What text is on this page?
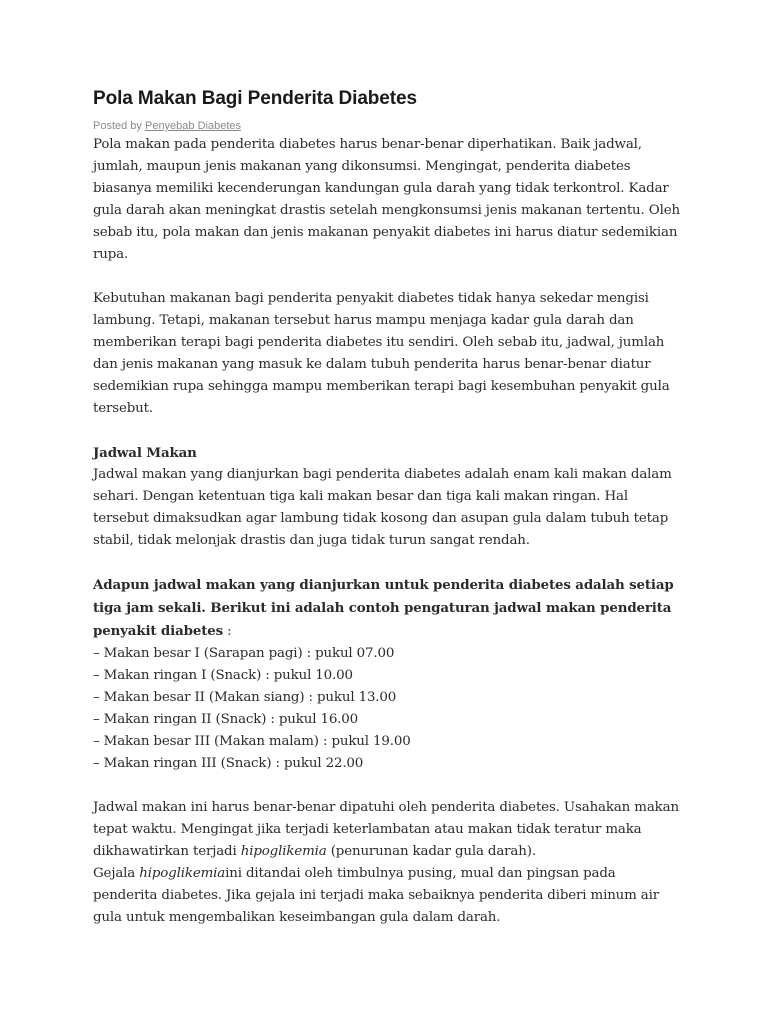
Pola Makan Bagi Penderita Diabetes
Posted by Penyebab Diabetes

Pola makan pada penderita diabetes harus benar-benar diperhatikan. Baik jadwal, jumlah, maupun jenis makanan yang dikonsumsi. Mengingat, penderita diabetes biasanya memiliki kecenderungan kandungan gula darah yang tidak terkontrol. Kadar gula darah akan meningkat drastis setelah mengkonsumsi jenis makanan tertentu. Oleh sebab itu, pola makan dan jenis makanan penyakit diabetes ini harus diatur sedemikian rupa.

Kebutuhan makanan bagi penderita penyakit diabetes tidak hanya sekedar mengisi lambung. Tetapi, makanan tersebut harus mampu menjaga kadar gula darah dan memberikan terapi bagi penderita diabetes itu sendiri. Oleh sebab itu, jadwal, jumlah dan jenis makanan yang masuk ke dalam tubuh penderita harus benar-benar diatur sedemikian rupa sehingga mampu memberikan terapi bagi kesembuhan penyakit gula tersebut.

Jadwal Makan

Jadwal makan yang dianjurkan bagi penderita diabetes adalah enam kali makan dalam sehari. Dengan ketentuan tiga kali makan besar dan tiga kali makan ringan. Hal tersebut dimaksudkan agar lambung tidak kosong dan asupan gula dalam tubuh tetap stabil, tidak melonjak drastis dan juga tidak turun sangat rendah.

Adapun jadwal makan yang dianjurkan untuk penderita diabetes adalah setiap tiga jam sekali. Berikut ini adalah contoh pengaturan jadwal makan penderita penyakit diabetes :

– Makan besar I (Sarapan pagi) : pukul 07.00

– Makan ringan I (Snack) : pukul 10.00

– Makan besar II (Makan siang) : pukul 13.00

– Makan ringan II (Snack) : pukul 16.00

– Makan besar III (Makan malam) : pukul 19.00

– Makan ringan III (Snack) : pukul 22.00

Jadwal makan ini harus benar-benar dipatuhi oleh penderita diabetes. Usahakan makan tepat waktu. Mengingat jika terjadi keterlambatan atau makan tidak teratur maka dikhawatirkan terjadi hipoglikemia (penurunan kadar gula darah).

Gejala hipoglikemiaini ditandai oleh timbulnya pusing, mual dan pingsan pada penderita diabetes. Jika gejala ini terjadi maka sebaiknya penderita diberi minum air gula untuk mengembalikan keseimbangan gula dalam darah.
